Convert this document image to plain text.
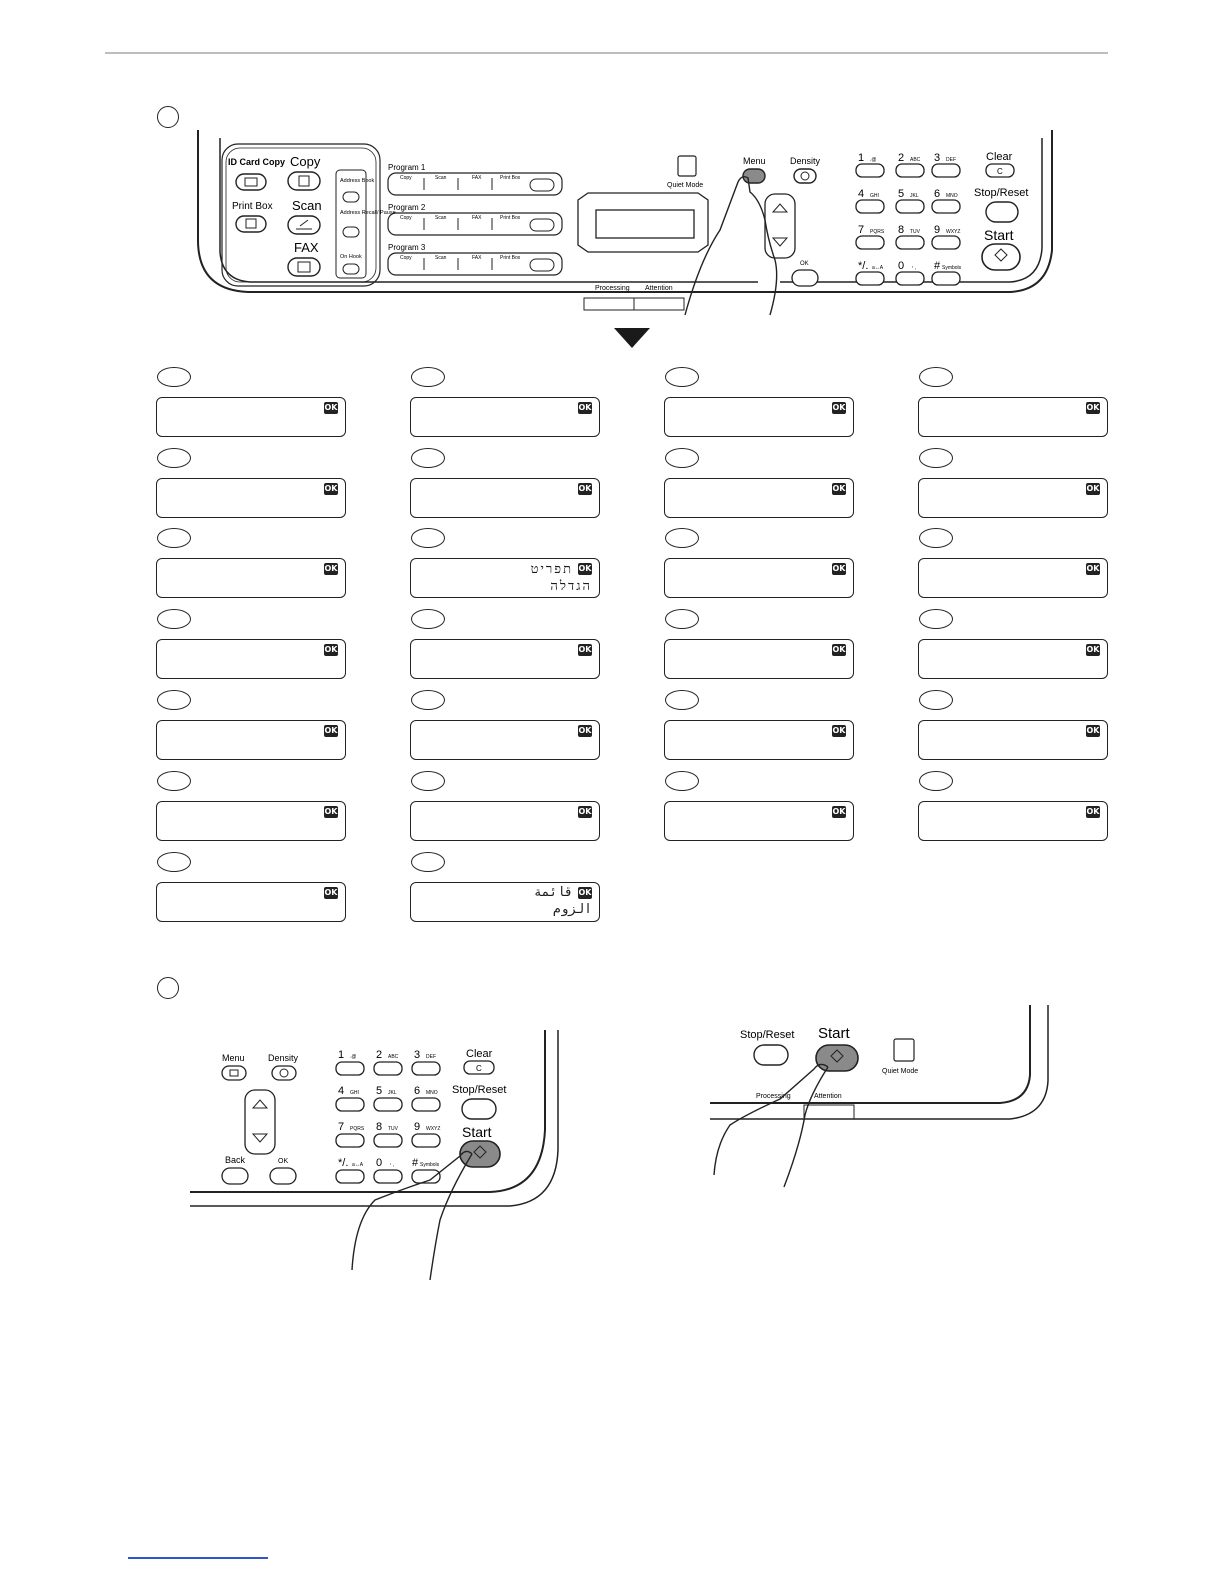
ID Card Copy Copy
Print Box Scan
FAX
Address Book
Address Recall/ Pause
On Hook
Program 1
Copy	Scan	FAX	Print Box
Program 2
Copy	Scan	FAX	Print Box
Program 3
Copy	Scan	FAX	Print Box
Quiet Mode
Menu	Density
OK
Processing Attention
1 .@ 2 ABC 3 DEF
4 GHI 5 JKL 6 MNO
7 PQRS 8 TUV 9 WXYZ
*/. a↔A 0 ・, # Symbols
Clear
C
Stop/Reset
Start
OK	OK	OK	OK
OK	OK	OK	OK
OK	OK
תפריט
הגדלה
OK	OK
OK	OK	OK	OK
OK	OK	OK	OK
OK	OK	OK	OK
OK	OK
قائمة
الزوم
Menu	Density
Back	OK
1 .@ 2 ABC 3 DEF
4 GHI 5 JKL 6 MNO
7 PQRS 8 TUV 9 WXYZ
*/. a↔A 0 ・, # Symbols
Clear
C
Stop/Reset
Start
Stop/Reset Start
Quiet Mode
Processing	Attention
